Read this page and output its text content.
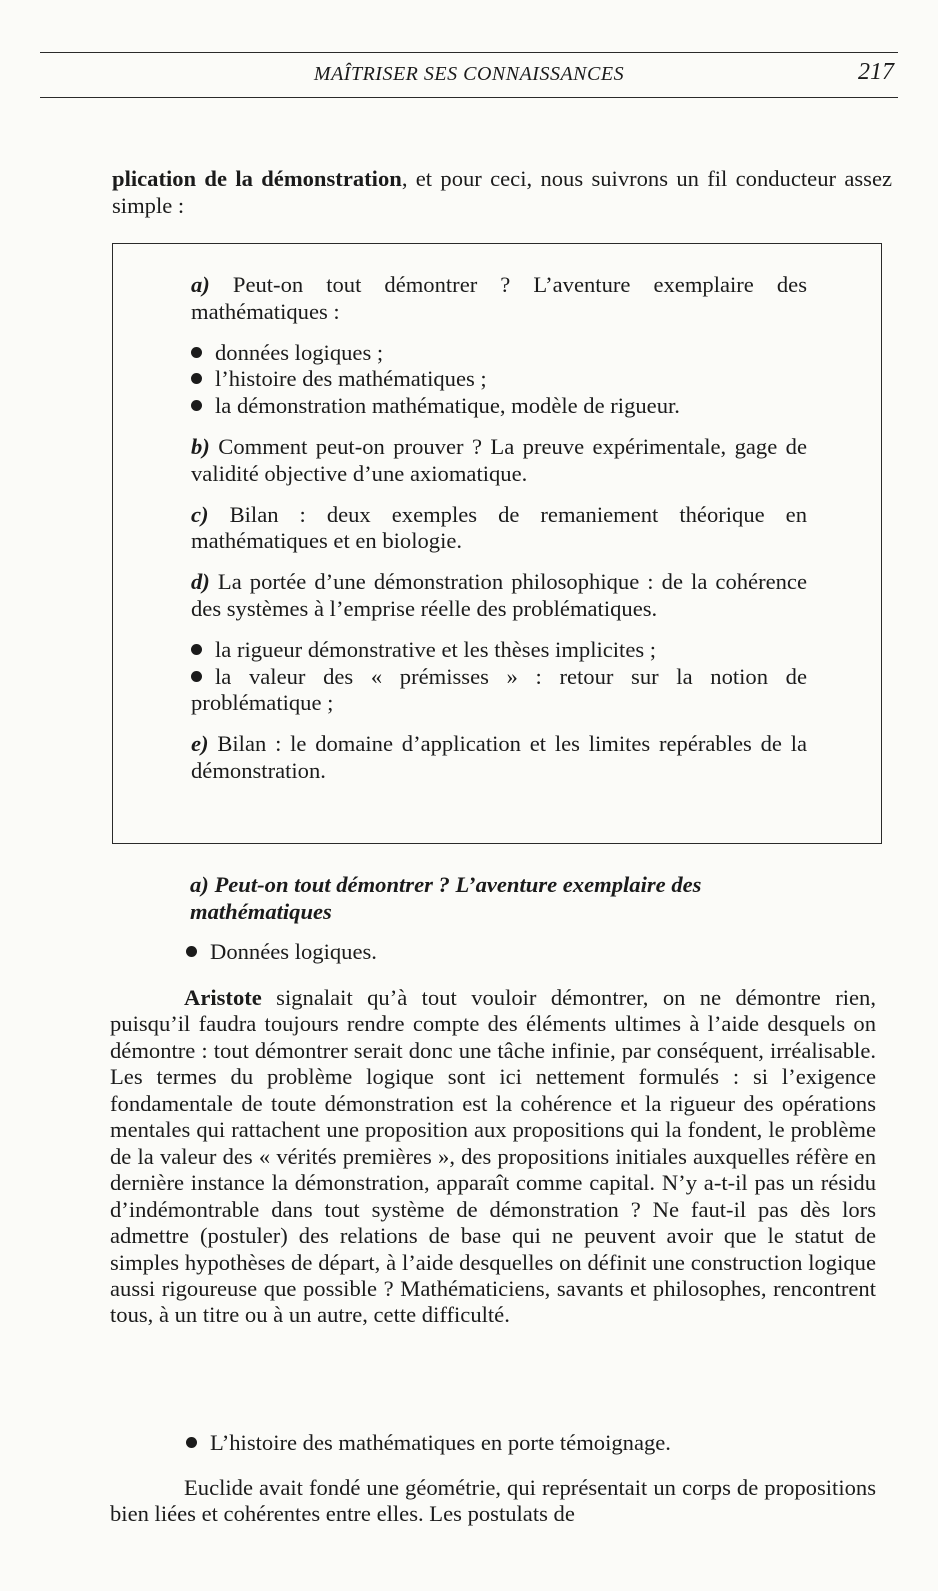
MAÎTRISER SES CONNAISSANCES	217

plication de la démonstration, et pour ceci, nous suivrons un fil conducteur assez simple :

a) Peut-on tout démontrer ? L’aventure exemplaire des mathématiques :

données logiques ;
l’histoire des mathématiques ;
la démonstration mathématique, modèle de rigueur.

b) Comment peut-on prouver ? La preuve expérimentale, gage de validité objective d’une axiomatique.

c) Bilan : deux exemples de remaniement théorique en mathématiques et en biologie.

d) La portée d’une démonstration philosophique : de la cohérence des systèmes à l’emprise réelle des problématiques.

la rigueur démonstrative et les thèses implicites ;
la valeur des « prémisses » : retour sur la notion de problématique ;

e) Bilan : le domaine d’application et les limites repérables de la démonstration.

a) Peut-on tout démontrer ? L’aventure exemplaire des mathématiques
Données logiques.

Aristote signalait qu’à tout vouloir démontrer, on ne démontre rien, puisqu’il faudra toujours rendre compte des éléments ultimes à l’aide desquels on démontre : tout démontrer serait donc une tâche infinie, par conséquent, irréalisable. Les termes du problème logique sont ici nettement formulés : si l’exigence fondamentale de toute démonstration est la cohérence et la rigueur des opérations mentales qui rattachent une proposition aux propositions qui la fondent, le problème de la valeur des « vérités premières », des propositions initiales auxquelles réfère en dernière instance la démonstration, apparaît comme capital. N’y a-t-il pas un résidu d’indémontrable dans tout système de démonstration ? Ne faut-il pas dès lors admettre (postuler) des relations de base qui ne peuvent avoir que le statut de simples hypothèses de départ, à l’aide desquelles on définit une construction logique aussi rigoureuse que possible ? Mathématiciens, savants et philosophes, rencontrent tous, à un titre ou à un autre, cette difficulté.

L’histoire des mathématiques en porte témoignage.

Euclide avait fondé une géométrie, qui représentait un corps de propositions bien liées et cohérentes entre elles. Les postulats de
